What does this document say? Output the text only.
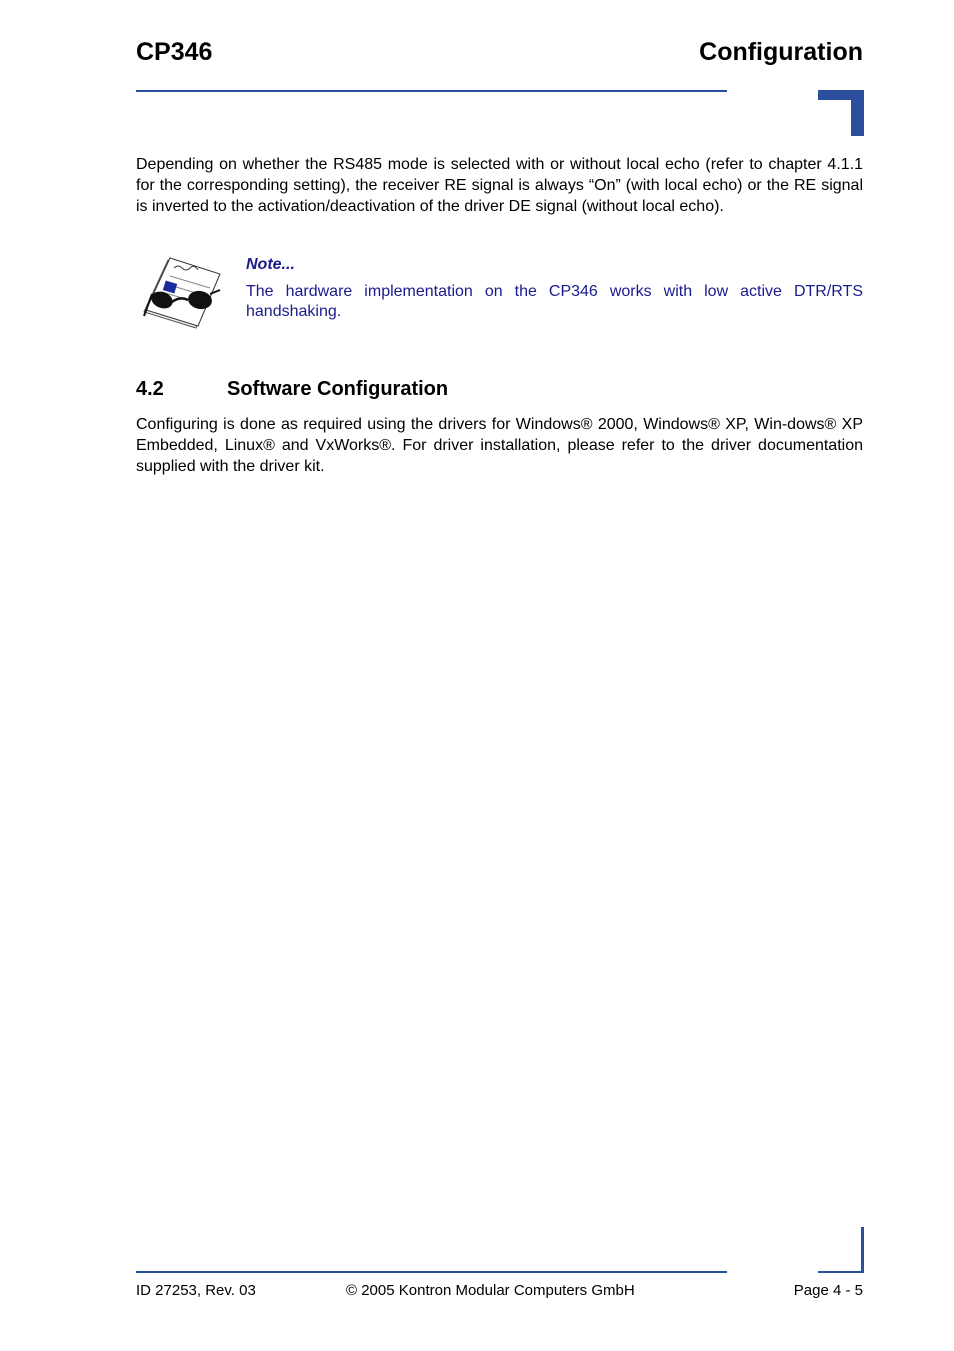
CP346	Configuration
Depending on whether the RS485 mode is selected with or without local echo (refer to chapter 4.1.1 for the corresponding setting), the receiver RE signal is always “On” (with local echo) or the RE signal is inverted to the activation/deactivation of the driver DE signal (without local echo).
Note...
The hardware implementation on the CP346 works with low active DTR/RTS handshaking.
4.2	Software Configuration
Configuring is done as required using the drivers for Windows® 2000, Windows® XP, Win-dows® XP Embedded, Linux® and VxWorks®. For driver installation, please refer to the driver documentation supplied with the driver kit.
ID 27253, Rev. 03	© 2005 Kontron Modular Computers GmbH	Page 4 - 5
